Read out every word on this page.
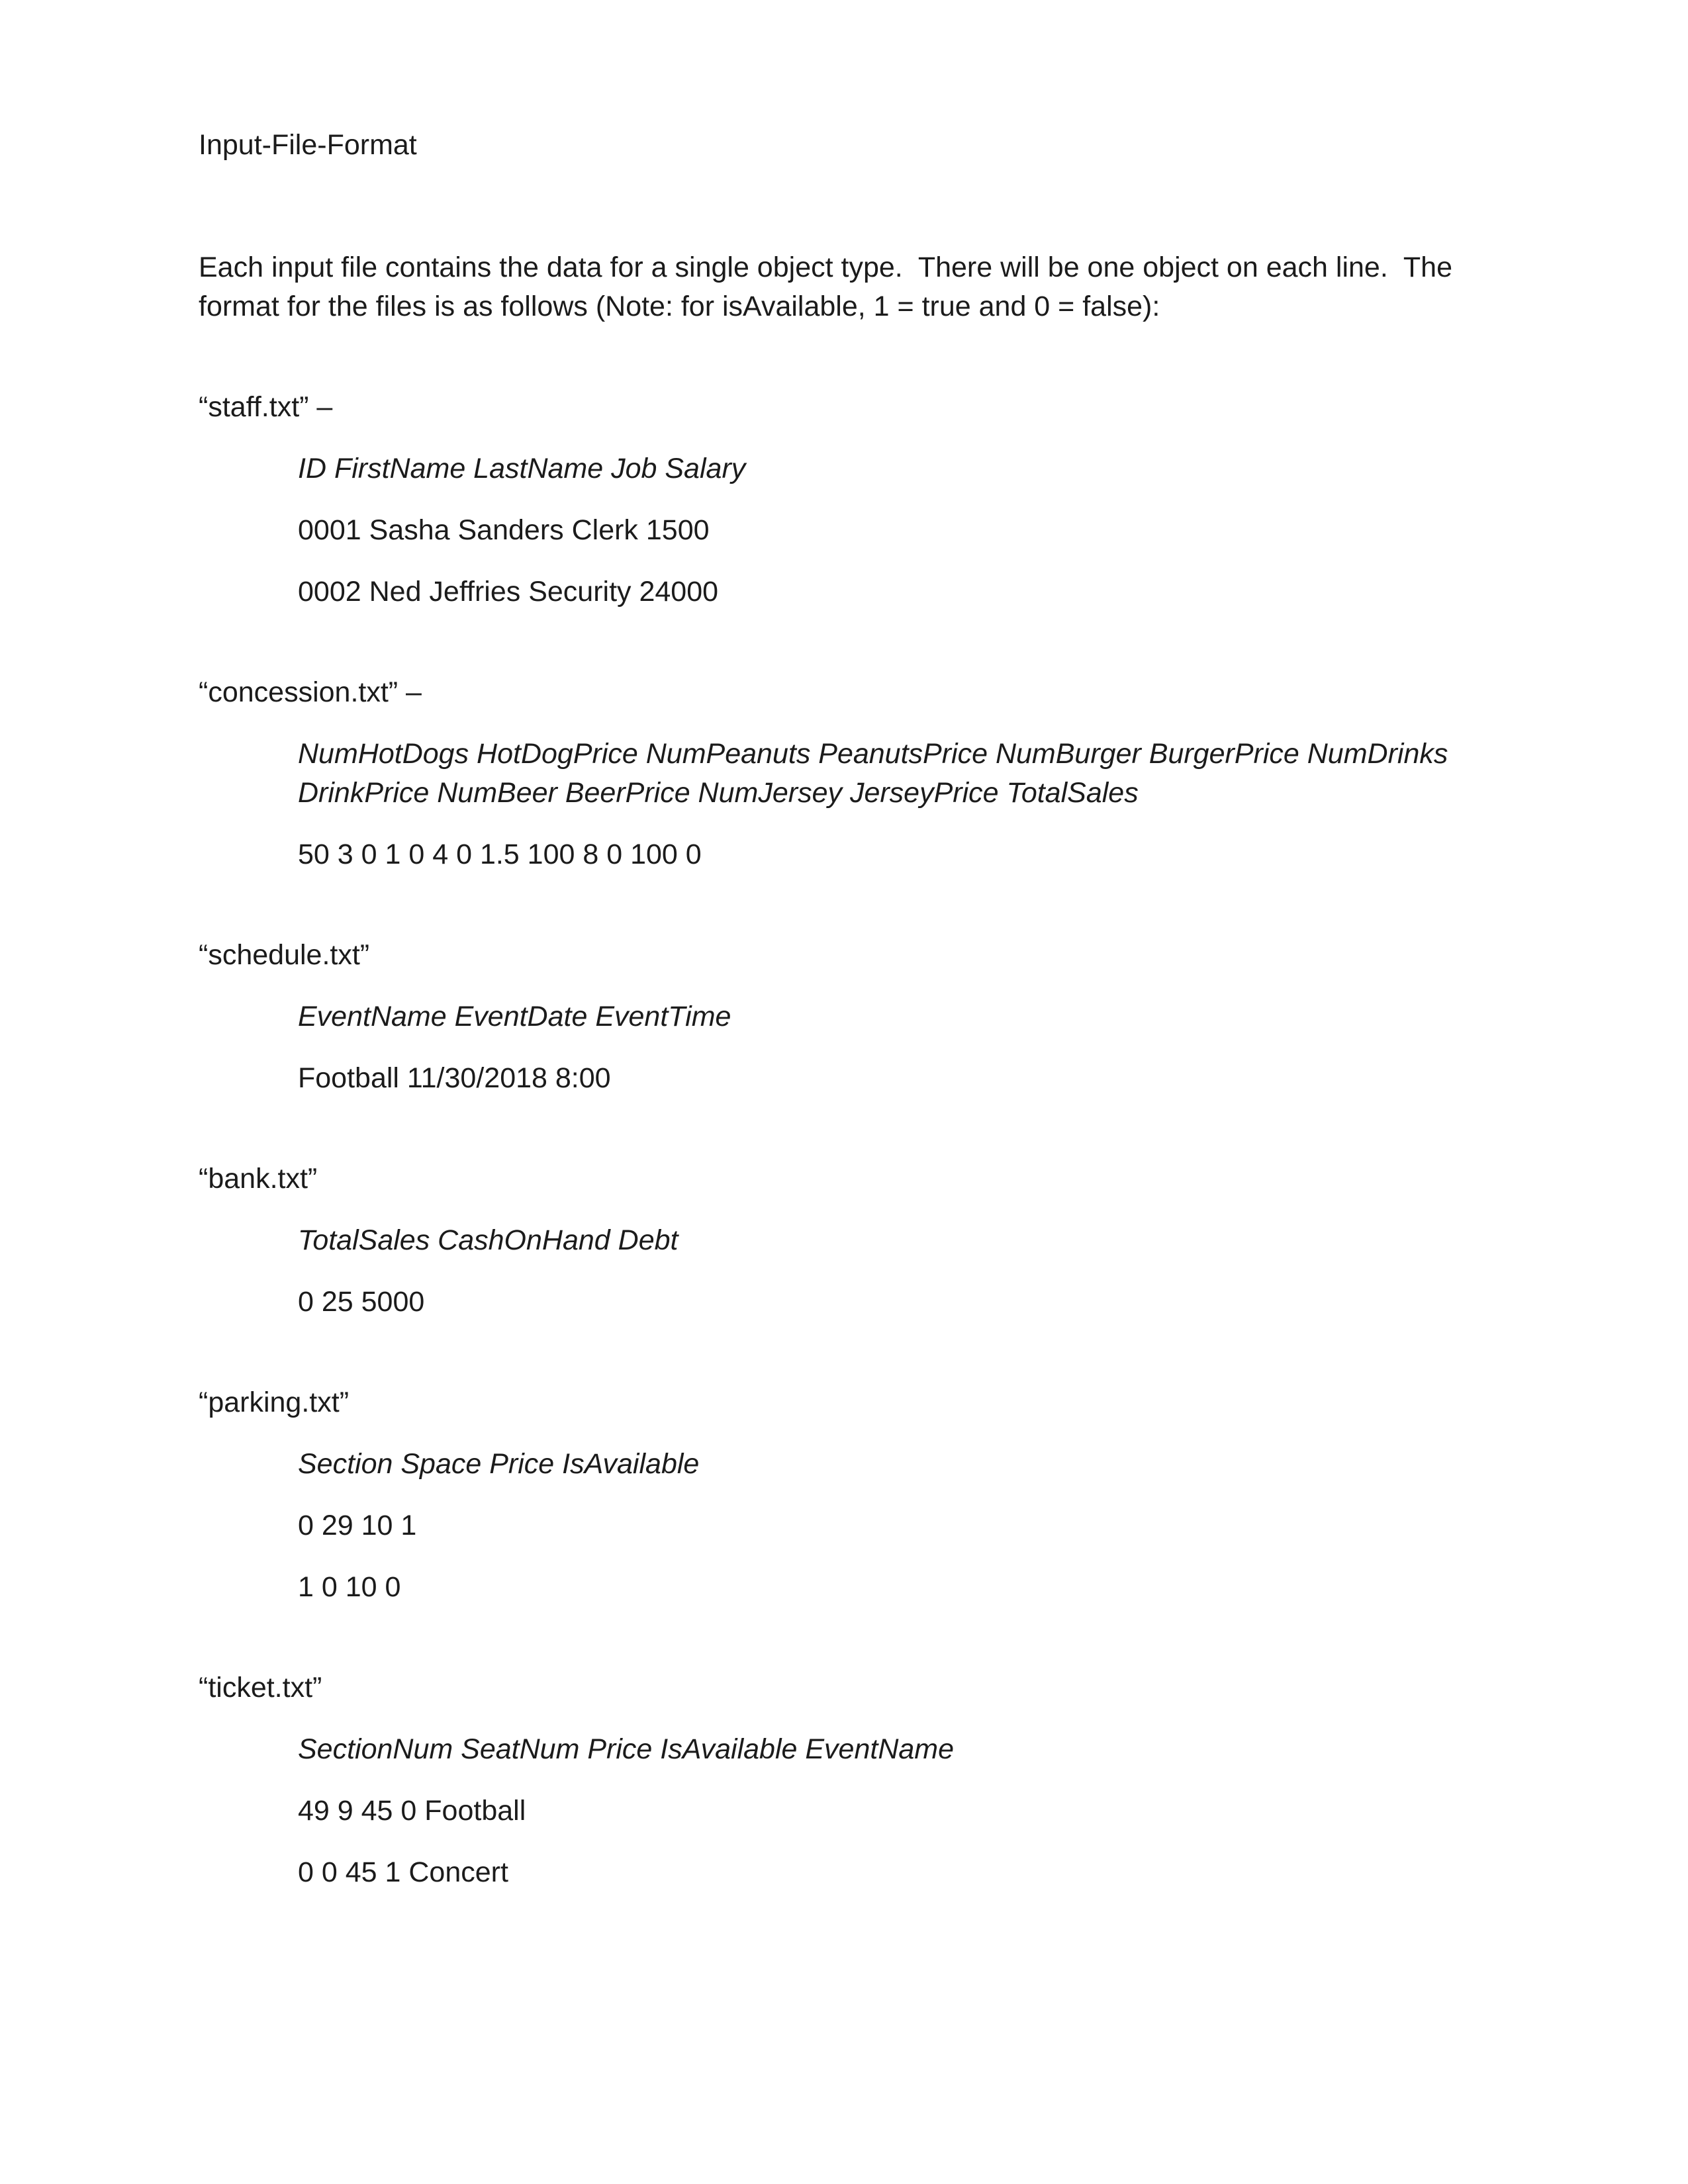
Input-File-Format
Each input file contains the data for a single object type.  There will be one object on each line.  The
format for the files is as follows (Note: for isAvailable, 1 = true and 0 = false):
“staff.txt” –
ID FirstName LastName Job Salary
0001 Sasha Sanders Clerk 1500
0002 Ned Jeffries Security 24000
“concession.txt” –
NumHotDogs HotDogPrice NumPeanuts PeanutsPrice NumBurger BurgerPrice NumDrinks
DrinkPrice NumBeer BeerPrice NumJersey JerseyPrice TotalSales
50 3 0 1 0 4 0 1.5 100 8 0 100 0
“schedule.txt”
EventName EventDate EventTime
Football 11/30/2018 8:00
“bank.txt”
TotalSales CashOnHand Debt
0 25 5000
“parking.txt”
Section Space Price IsAvailable
0 29 10 1
1 0 10 0
“ticket.txt”
SectionNum SeatNum Price IsAvailable EventName
49 9 45 0 Football
0 0 45 1 Concert
